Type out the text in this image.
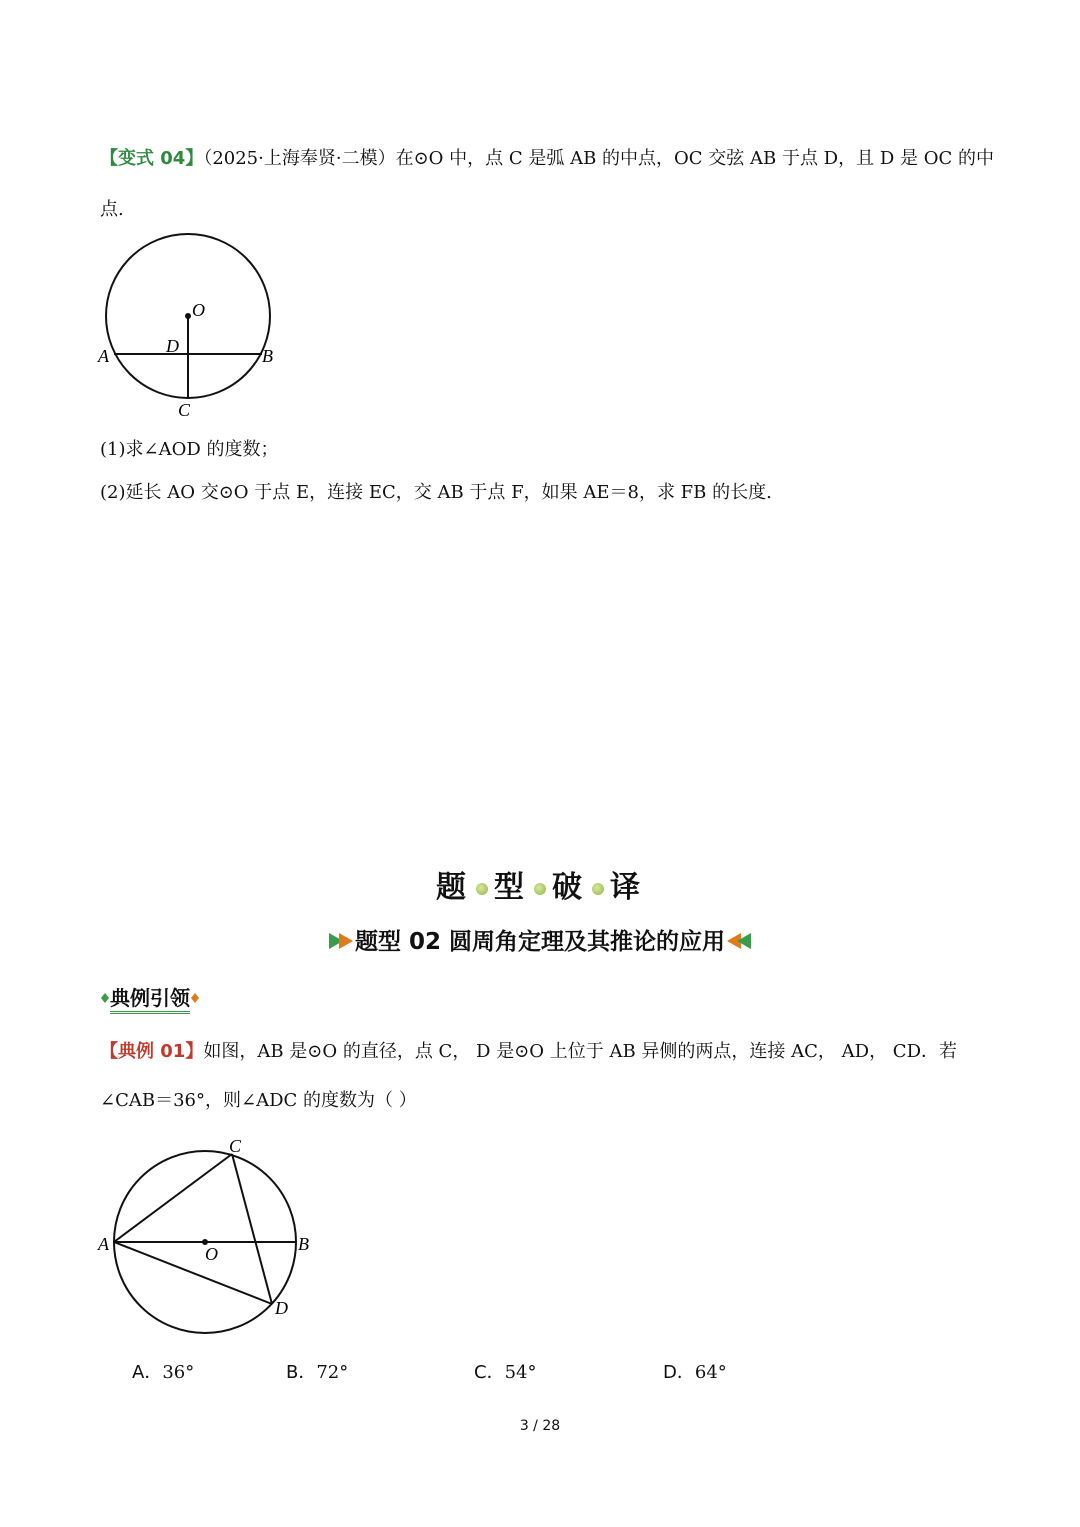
【变式 04】（2025·上海奉贤·二模）在⊙O 中，点 C 是弧 AB 的中点，OC 交弦 AB 于点 D，且 D 是 OC 的中
点.
O
D
A	B
C
(1)求∠AOD 的度数；
(2)延长 AO 交⊙O 于点 E，连接 EC，交 AB 于点 F，如果 AE＝8，求 FB 的长度.
题 型 破 译
题型 02 圆周角定理及其推论的应用
典例引领
【典例 01】如图，AB 是⊙O 的直径，点 C， D 是⊙O 上位于 AB 异侧的两点，连接 AC， AD， CD．若
∠CAB＝36°，则∠ADC 的度数为（ ）
A	B
C
D
O
A．36°	B．72°	C．54°	D．64°
3 / 28
